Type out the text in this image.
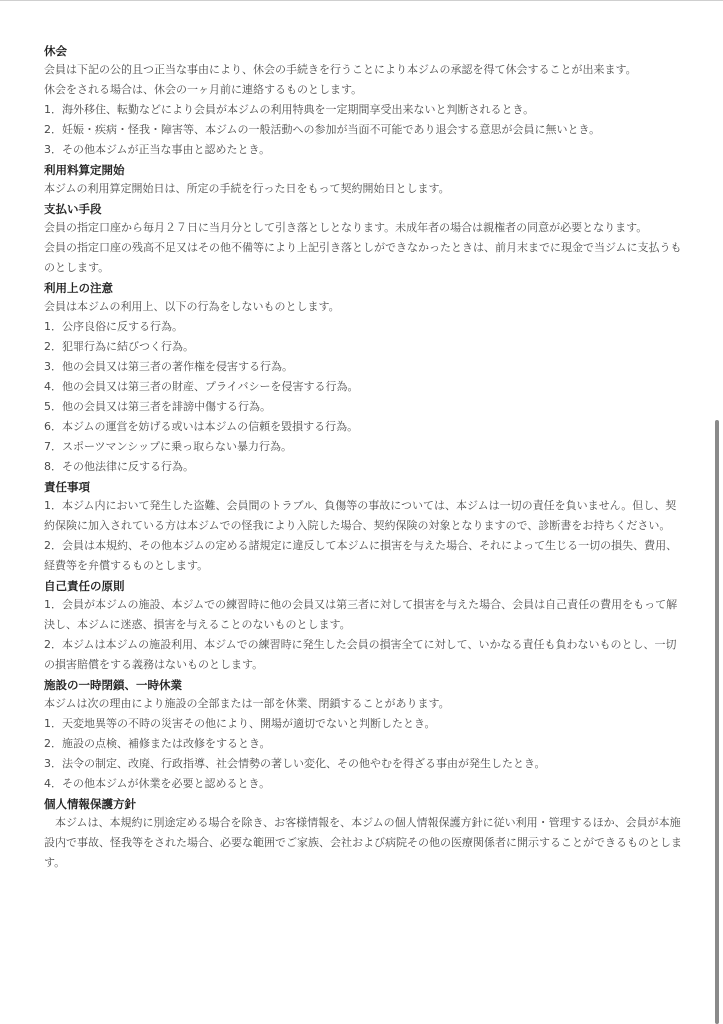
休会
会員は下記の公的且つ正当な事由により、休会の手続きを行うことにより本ジムの承認を得て休会することが出来ます。
休会をされる場合は、休会の一ヶ月前に連絡するものとします。
1．海外移住、転勤などにより会員が本ジムの利用特典を一定期間享受出来ないと判断されるとき。
2．妊娠・疾病・怪我・障害等、本ジムの一般活動への参加が当面不可能であり退会する意思が会員に無いとき。
3．その他本ジムが正当な事由と認めたとき。
利用料算定開始
本ジムの利用算定開始日は、所定の手続を行った日をもって契約開始日とします。
支払い手段
会員の指定口座から毎月２７日に当月分として引き落としとなります。未成年者の場合は親権者の同意が必要となります。
会員の指定口座の残高不足又はその他不備等により上記引き落としができなかったときは、前月末までに現金で当ジムに支払うものとします。
利用上の注意
会員は本ジムの利用上、以下の行為をしないものとします。
1．公序良俗に反する行為。
2．犯罪行為に結びつく行為。
3．他の会員又は第三者の著作権を侵害する行為。
4．他の会員又は第三者の財産、プライバシーを侵害する行為。
5．他の会員又は第三者を誹謗中傷する行為。
6．本ジムの運営を妨げる或いは本ジムの信頼を毀損する行為。
7．スポーツマンシップに乗っ取らない暴力行為。
8．その他法律に反する行為。
責任事項
1．本ジム内において発生した盗難、会員間のトラブル、負傷等の事故については、本ジムは一切の責任を負いません。但し、契約保険に加入されている方は本ジムでの怪我により入院した場合、契約保険の対象となりますので、診断書をお持ちください。
2．会員は本規約、その他本ジムの定める諸規定に違反して本ジムに損害を与えた場合、それによって生じる一切の損失、費用、経費等を弁償するものとします。
自己責任の原則
1．会員が本ジムの施設、本ジムでの練習時に他の会員又は第三者に対して損害を与えた場合、会員は自己責任の費用をもって解決し、本ジムに迷惑、損害を与えることのないものとします。
2．本ジムは本ジムの施設利用、本ジムでの練習時に発生した会員の損害全てに対して、いかなる責任も負わないものとし、一切の損害賠償をする義務はないものとします。
施設の一時閉鎖、一時休業
本ジムは次の理由により施設の全部または一部を休業、閉鎖することがあります。
1．天変地異等の不時の災害その他により、開場が適切でないと判断したとき。
2．施設の点検、補修または改修をするとき。
3．法令の制定、改廃、行政指導、社会情勢の著しい変化、その他やむを得ざる事由が発生したとき。
4．その他本ジムが休業を必要と認めるとき。
個人情報保護方針
　本ジムは、本規約に別途定める場合を除き、お客様情報を、本ジムの個人情報保護方針に従い利用・管理するほか、会員が本施設内で事故、怪我等をされた場合、必要な範囲でご家族、会社および病院その他の医療関係者に開示することができるものとします。
